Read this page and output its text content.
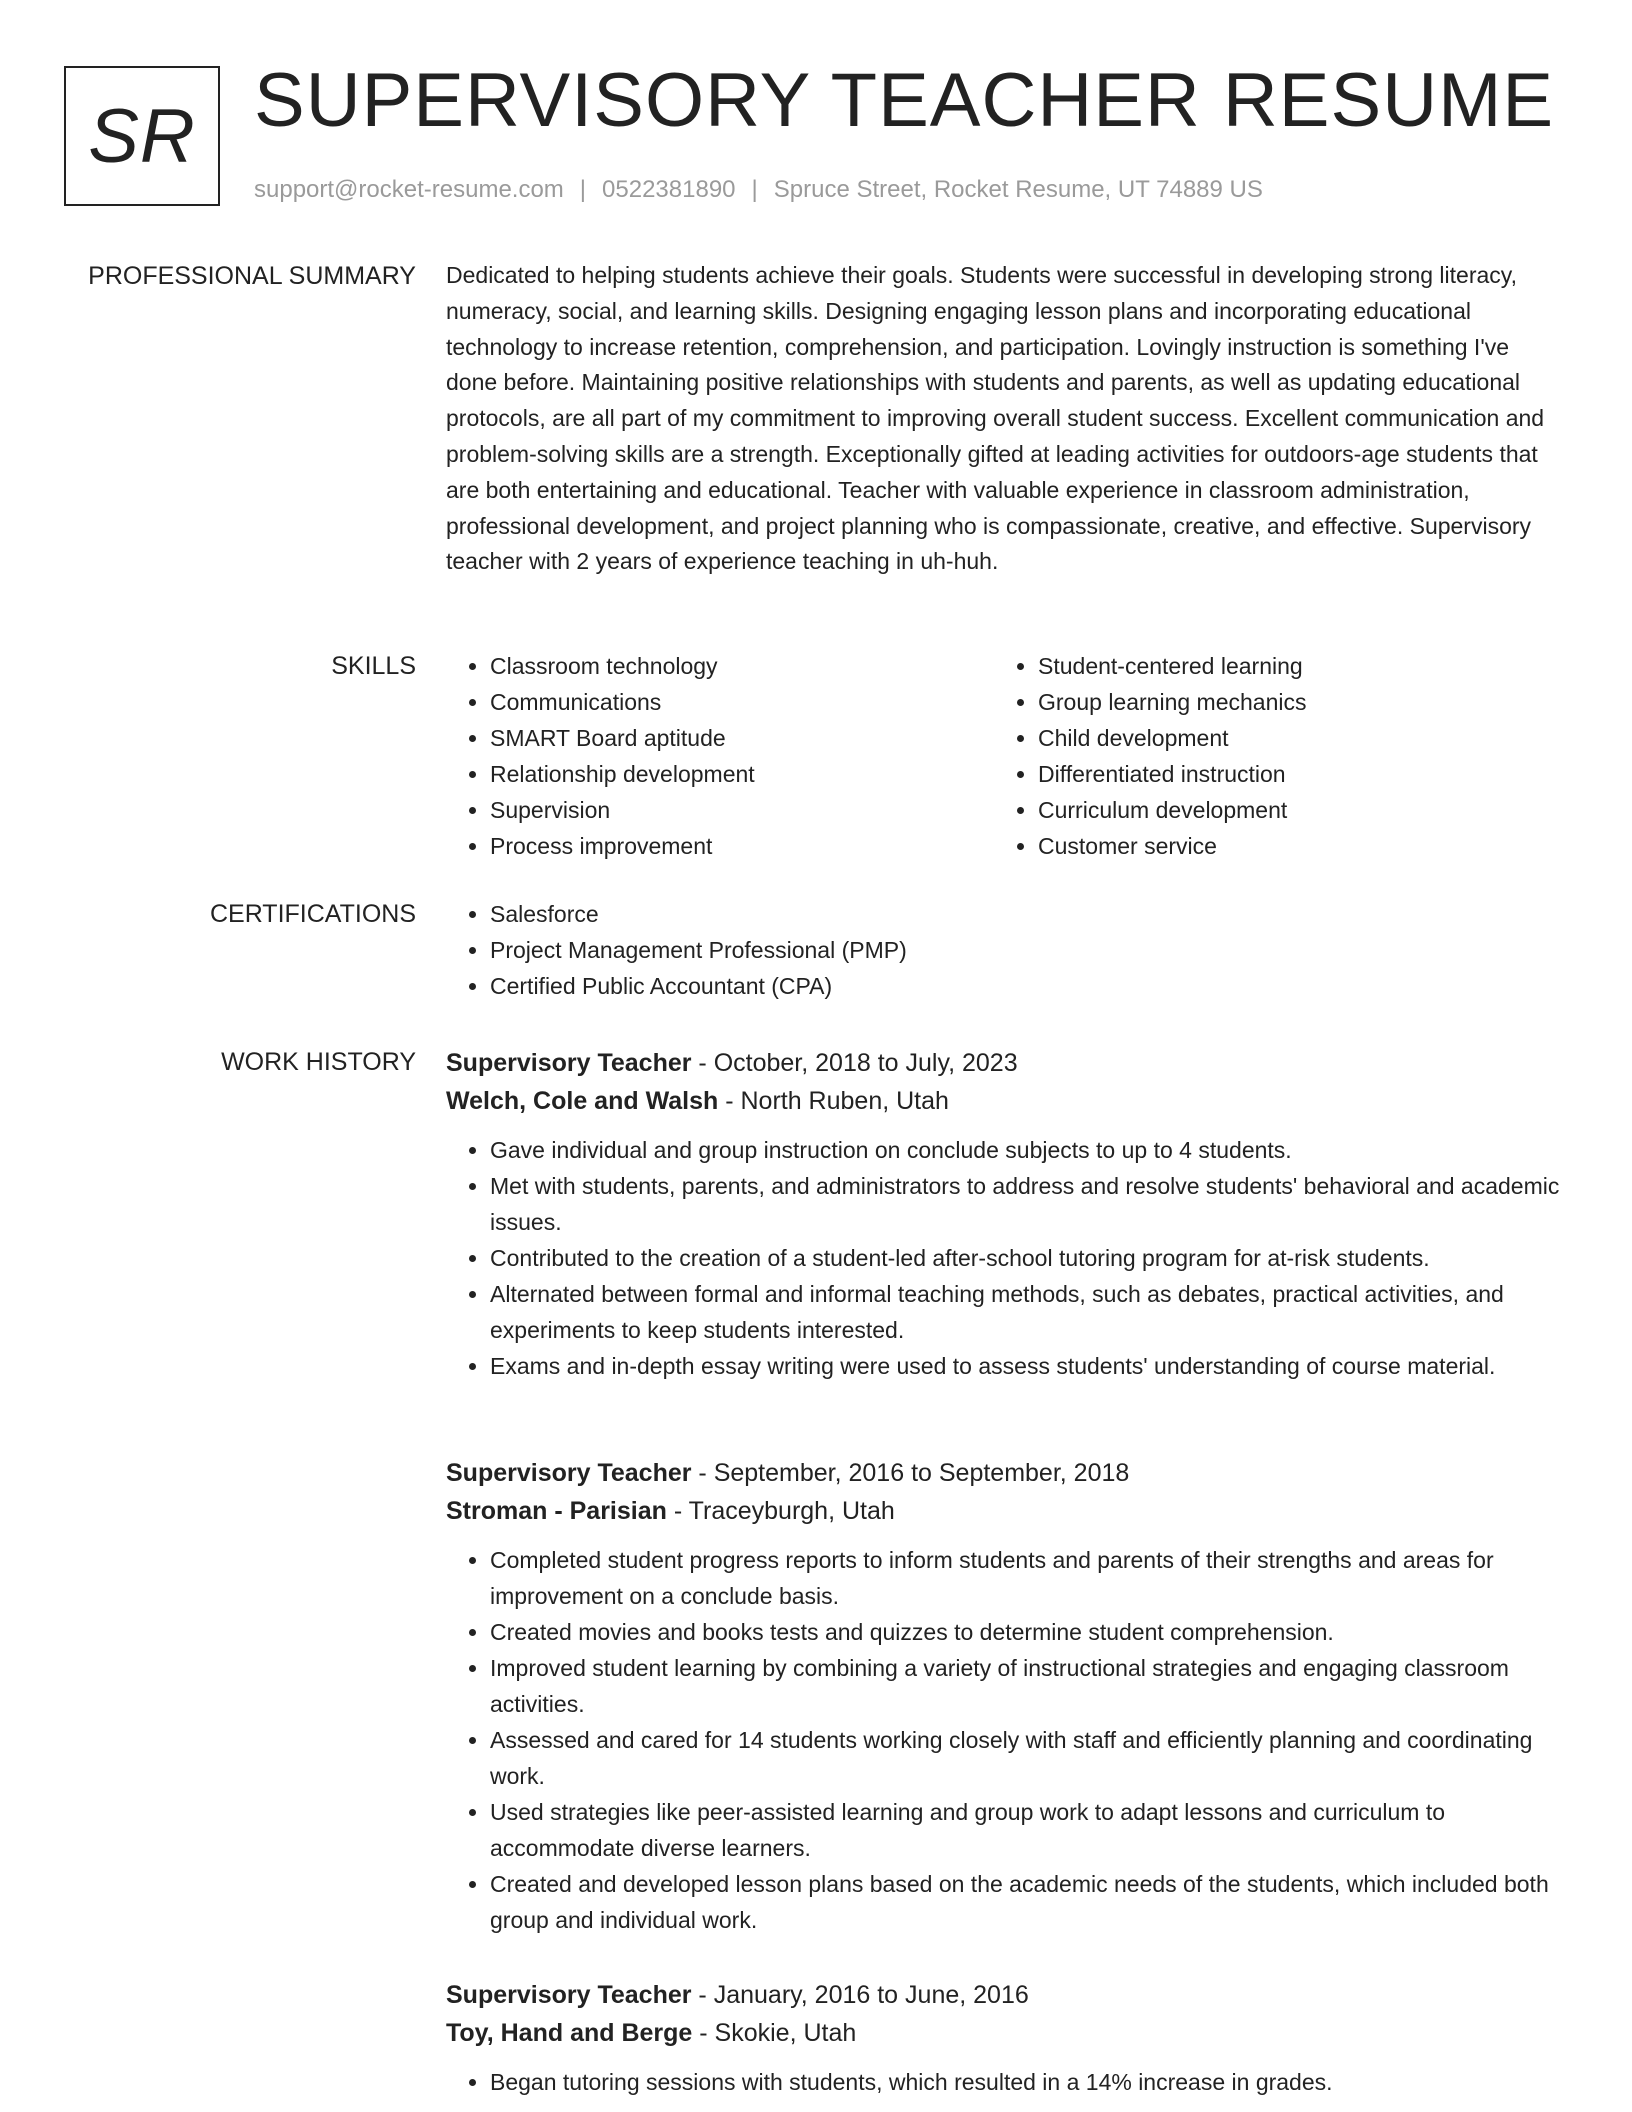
SR SUPERVISORY TEACHER RESUME
support@rocket-resume.com | 0522381890 | Spruce Street, Rocket Resume, UT 74889 US
PROFESSIONAL SUMMARY Dedicated to helping students achieve their goals. Students were successful in developing strong literacy, numeracy, social, and learning skills. Designing engaging lesson plans and incorporating educational technology to increase retention, comprehension, and participation. Lovingly instruction is something I've done before. Maintaining positive relationships with students and parents, as well as updating educational protocols, are all part of my commitment to improving overall student success. Excellent communication and problem-solving skills are a strength. Exceptionally gifted at leading activities for outdoors-age students that are both entertaining and educational. Teacher with valuable experience in classroom administration, professional development, and project planning who is compassionate, creative, and effective. Supervisory teacher with 2 years of experience teaching in uh-huh.

SKILLS	• Classroom technology
• Communications
• SMART Board aptitude
• Relationship development
• Supervision
• Process improvement
• Student-centered learning
• Group learning mechanics
• Child development
• Differentiated instruction
• Curriculum development
• Customer service
CERTIFICATIONS	• Salesforce
• Project Management Professional (PMP)
• Certified Public Accountant (CPA)
WORK HISTORY Supervisory Teacher - October, 2018 to July, 2023
Welch, Cole and Walsh - North Ruben, Utah
• Gave individual and group instruction on conclude subjects to up to 4 students.
• Met with students, parents, and administrators to address and resolve students' behavioral and academic issues.
• Contributed to the creation of a student-led after-school tutoring program for at-risk students.
• Alternated between formal and informal teaching methods, such as debates, practical activities, and experiments to keep students interested.
• Exams and in-depth essay writing were used to assess students' understanding of course material.
Supervisory Teacher - September, 2016 to September, 2018
Stroman - Parisian - Traceyburgh, Utah
• Completed student progress reports to inform students and parents of their strengths and areas for improvement on a conclude basis.
• Created movies and books tests and quizzes to determine student comprehension.
• Improved student learning by combining a variety of instructional strategies and engaging classroom activities.
• Assessed and cared for 14 students working closely with staff and efficiently planning and coordinating work.
• Used strategies like peer-assisted learning and group work to adapt lessons and curriculum to accommodate diverse learners.
• Created and developed lesson plans based on the academic needs of the students, which included both group and individual work.
Supervisory Teacher - January, 2016 to June, 2016
Toy, Hand and Berge - Skokie, Utah
• Began tutoring sessions with students, which resulted in a 14% increase in grades.
